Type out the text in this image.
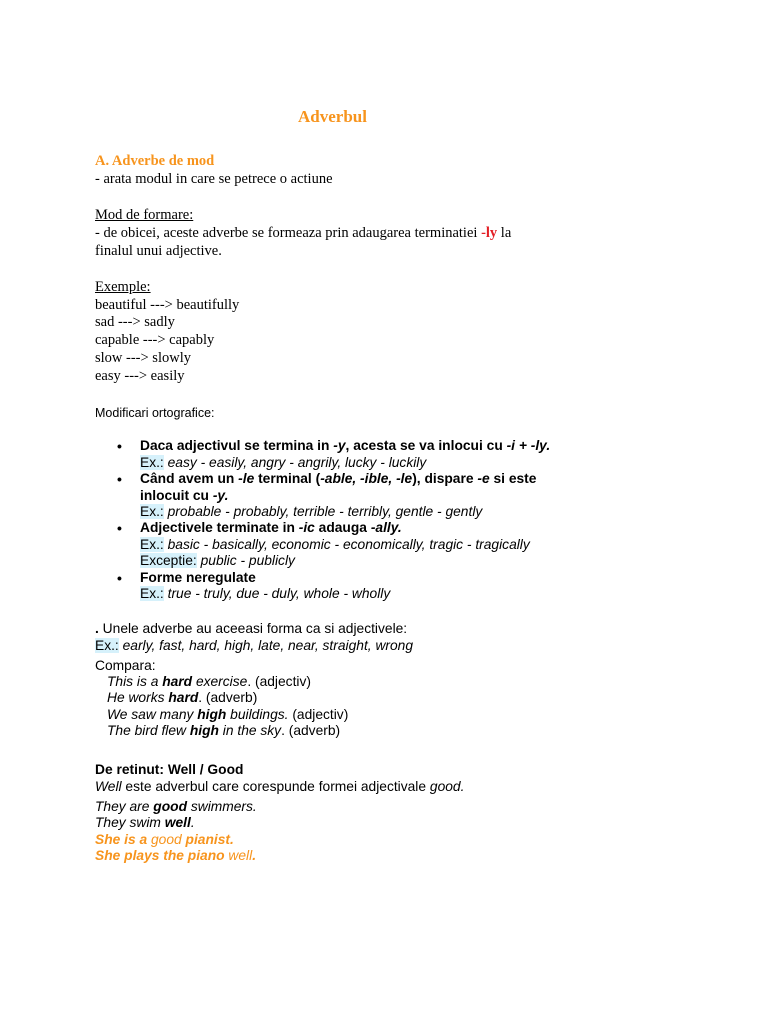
Adverbul
A. Adverbe de mod
- arata modul in care se petrece o actiune
Mod de formare:
- de obicei, aceste adverbe se formeaza prin adaugarea terminatiei -ly la
finalul unui adjective.
Exemple:
beautiful ---> beautifully
sad ---> sadly
capable ---> capably
slow ---> slowly
easy ---> easily
Modificari ortografice:
• Daca adjectivul se termina in -y, acesta se va inlocui cu -i + -ly.
Ex.: easy - easily, angry - angrily, lucky - luckily
• Când avem un -le terminal (-able, -ible, -le), dispare -e si este
inlocuit cu -y.
Ex.: probable - probably, terrible - terribly, gentle - gently
• Adjectivele terminate in -ic adauga -ally.
Ex.: basic - basically, economic - economically, tragic - tragically
Exceptie: public - publicly
• Forme neregulate
Ex.: true - truly, due - duly, whole - wholly
. Unele adverbe au aceeasi forma ca si adjectivele:
Ex.: early, fast, hard, high, late, near, straight, wrong
Compara:
This is a hard exercise. (adjectiv)
He works hard. (adverb)
We saw many high buildings. (adjectiv)
The bird flew high in the sky. (adverb)
De retinut: Well / Good
Well este adverbul care corespunde formei adjectivale good.
They are good swimmers.
They swim well.
She is a good pianist.
She plays the piano well.
